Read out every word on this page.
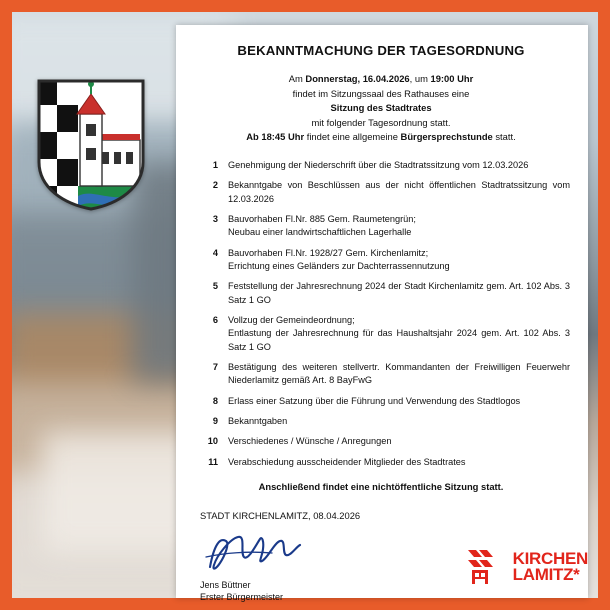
BEKANNTMACHUNG DER TAGESORDNUNG
Am Donnerstag, 16.04.2026, um 19:00 Uhr
findet im Sitzungssaal des Rathauses eine
Sitzung des Stadtrates
mit folgender Tagesordnung statt.
Ab 18:45 Uhr findet eine allgemeine Bürgersprechstunde statt.
1	Genehmigung der Niederschrift über die Stadtratssitzung vom 12.03.2026
2	Bekanntgabe von Beschlüssen aus der nicht öffentlichen Stadtratssitzung vom 12.03.2026
3	Bauvorhaben Fl.Nr. 885 Gem. Raumetengrün;
Neubau einer landwirtschaftlichen Lagerhalle
4	Bauvorhaben Fl.Nr. 1928/27 Gem. Kirchenlamitz;
Errichtung eines Geländers zur Dachterrassennutzung
5	Feststellung der Jahresrechnung 2024 der Stadt Kirchenlamitz gem. Art. 102 Abs. 3 Satz 1 GO
6	Vollzug der Gemeindeordnung;
Entlastung der Jahresrechnung für das Haushaltsjahr 2024 gem. Art. 102 Abs. 3 Satz 1 GO
7	Bestätigung des weiteren stellvertr. Kommandanten der Freiwilligen Feuerwehr Niederlamitz gemäß Art. 8 BayFwG
8	Erlass einer Satzung über die Führung und Verwendung des Stadtlogos
9	Bekanntgaben
10	Verschiedenes / Wünsche / Anregungen
11	Verabschiedung ausscheidender Mitglieder des Stadtrates
Anschließend findet eine nichtöffentliche Sitzung statt.
STADT KIRCHENLAMITZ, 08.04.2026
Jens Büttner
Erster Bürgermeister
KIRCHEN
LAMITZ*
